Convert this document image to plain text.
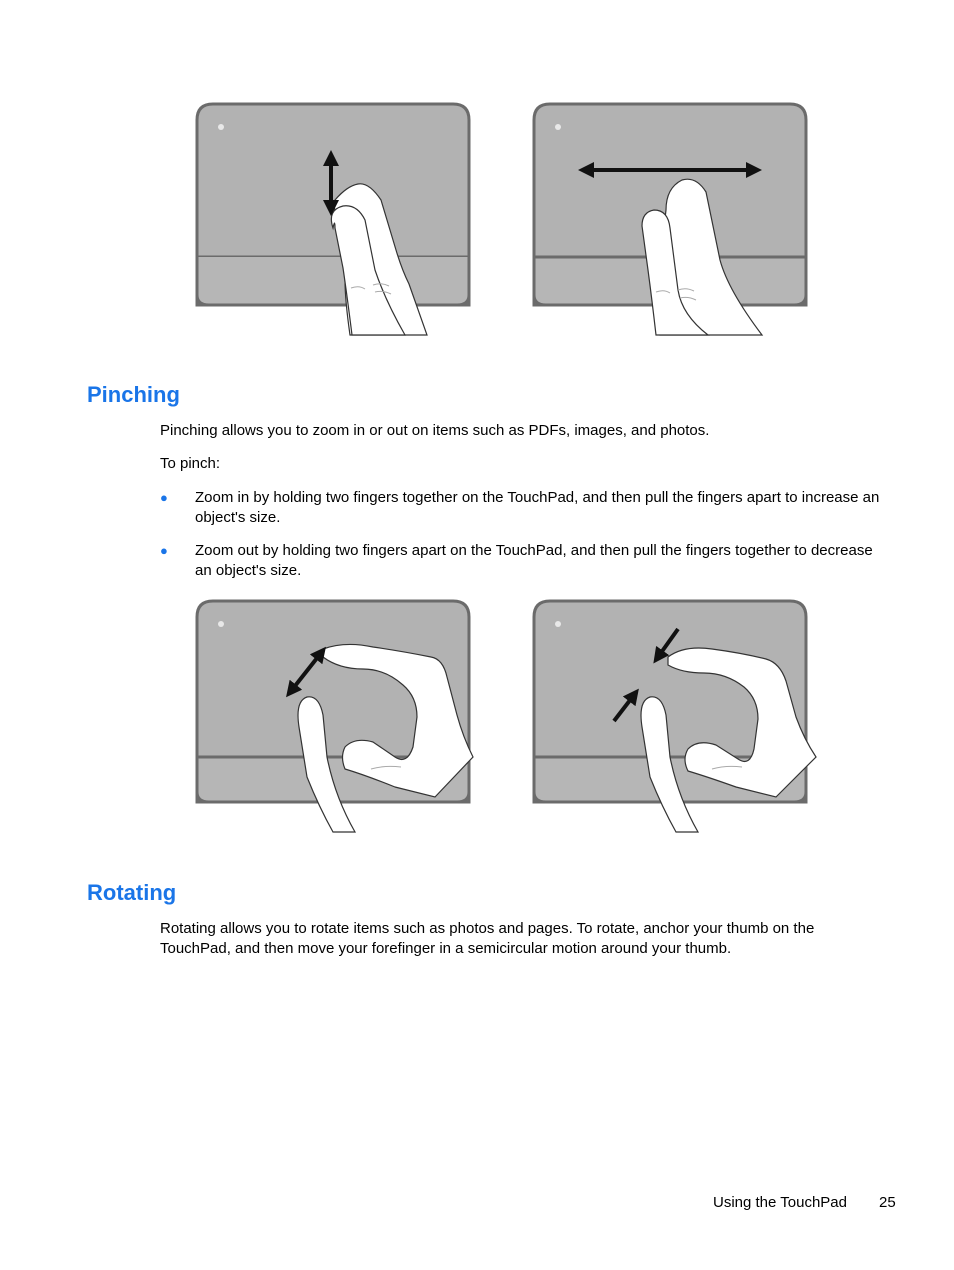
Pinching

Pinching allows you to zoom in or out on items such as PDFs, images, and photos.

To pinch:

● Zoom in by holding two fingers together on the TouchPad, and then pull the fingers apart to increase an object's size.
● Zoom out by holding two fingers apart on the TouchPad, and then pull the fingers together to decrease an object's size.
Rotating

Rotating allows you to rotate items such as photos and pages. To rotate, anchor your thumb on the TouchPad, and then move your forefinger in a semicircular motion around your thumb.

Using the TouchPad 25
